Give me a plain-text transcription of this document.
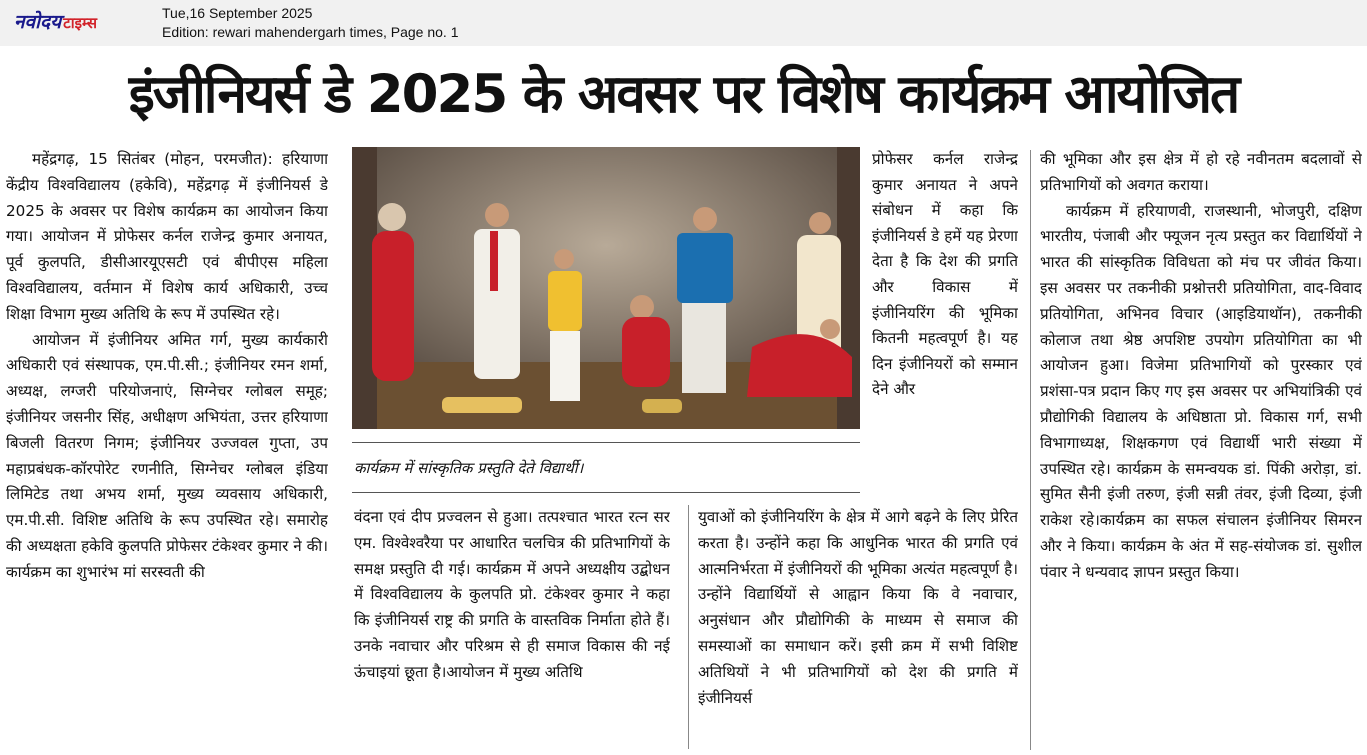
नवोदय टाइम्स
Tue,16 September 2025
Edition: rewari mahendergarh times, Page no. 1
इंजीनियर्स डे 2025 के अवसर पर विशेष कार्यक्रम आयोजित

महेंद्रगढ़, 15 सितंबर (मोहन, परमजीत): हरियाणा केंद्रीय विश्वविद्यालय (हकेवि), महेंद्रगढ़ में इंजीनियर्स डे 2025 के अवसर पर विशेष कार्यक्रम का आयोजन किया गया। आयोजन में प्रोफेसर कर्नल राजेन्द्र कुमार अनायत, पूर्व कुलपति, डीसीआरयूएसटी एवं बीपीएस महिला विश्वविद्यालय, वर्तमान में विशेष कार्य अधिकारी, उच्च शिक्षा विभाग मुख्य अतिथि के रूप में उपस्थित रहे।

आयोजन में इंजीनियर अमित गर्ग, मुख्य कार्यकारी अधिकारी एवं संस्थापक, एम.पी.सी.; इंजीनियर रमन शर्मा, अध्यक्ष, लग्जरी परियोजनाएं, सिग्नेचर ग्लोबल समूह; इंजीनियर जसनीर सिंह, अधीक्षण अभियंता, उत्तर हरियाणा बिजली वितरण निगम; इंजीनियर उज्जवल गुप्ता, उप महाप्रबंधक-कॉरपोरेट रणनीति, सिग्नेचर ग्लोबल इंडिया लिमिटेड तथा अभय शर्मा, मुख्य व्यवसाय अधिकारी, एम.पी.सी. विशिष्ट अतिथि के रूप उपस्थित रहे। समारोह की अध्यक्षता हकेवि कुलपति प्रोफेसर टंकेश्वर कुमार ने की। कार्यक्रम का शुभारंभ मां सरस्वती की

कार्यक्रम में सांस्कृतिक प्रस्तुति देते विद्यार्थी।

प्रोफेसर कर्नल राजेन्द्र कुमार अनायत ने अपने संबोधन में कहा कि इंजीनियर्स डे हमें यह प्रेरणा देता है कि देश की प्रगति और विकास में इंजीनियरिंग की भूमिका कितनी महत्वपूर्ण है। यह दिन इंजीनियरों को सम्मान देने और

वंदना एवं दीप प्रज्वलन से हुआ। तत्पश्चात भारत रत्न सर एम. विश्वेश्वरैया पर आधारित चलचित्र की प्रतिभागियों के समक्ष प्रस्तुति दी गई। कार्यक्रम में अपने अध्यक्षीय उद्बोधन में विश्वविद्यालय के कुलपति प्रो. टंकेश्वर कुमार ने कहा कि इंजीनियर्स राष्ट्र की प्रगति के वास्तविक निर्माता होते हैं। उनके नवाचार और परिश्रम से ही समाज विकास की नई ऊंचाइयां छूता है।आयोजन में मुख्य अतिथि

युवाओं को इंजीनियरिंग के क्षेत्र में आगे बढ़ने के लिए प्रेरित करता है। उन्होंने कहा कि आधुनिक भारत की प्रगति एवं आत्मनिर्भरता में इंजीनियरों की भूमिका अत्यंत महत्वपूर्ण है। उन्होंने विद्यार्थियों से आह्वान किया कि वे नवाचार, अनुसंधान और प्रौद्योगिकी के माध्यम से समाज की समस्याओं का समाधान करें। इसी क्रम में सभी विशिष्ट अतिथियों ने भी प्रतिभागियों को देश की प्रगति में इंजीनियर्स

की भूमिका और इस क्षेत्र में हो रहे नवीनतम बदलावों से प्रतिभागियों को अवगत कराया।

कार्यक्रम में हरियाणवी, राजस्थानी, भोजपुरी, दक्षिण भारतीय, पंजाबी और फ्यूजन नृत्य प्रस्तुत कर विद्यार्थियों ने भारत की सांस्कृतिक विविधता को मंच पर जीवंत किया। इस अवसर पर तकनीकी प्रश्नोत्तरी प्रतियोगिता, वाद-विवाद प्रतियोगिता, अभिनव विचार (आइडियाथॉन), तकनीकी कोलाज तथा श्रेष्ठ अपशिष्ट उपयोग प्रतियोगिता का भी आयोजन हुआ। विजेमा प्रतिभागियों को पुरस्कार एवं प्रशंसा-पत्र प्रदान किए गए इस अवसर पर अभियांत्रिकी एवं प्रौद्योगिकी विद्यालय के अधिष्ठाता प्रो. विकास गर्ग, सभी विभागाध्यक्ष, शिक्षकगण एवं विद्यार्थी भारी संख्या में उपस्थित रहे। कार्यक्रम के समन्वयक डां. पिंकी अरोड़ा, डां. सुमित सैनी इंजी तरुण, इंजी सन्नी तंवर, इंजी दिव्या, इंजी राकेश रहे।कार्यक्रम का सफल संचालन इंजीनियर सिमरन और ने किया। कार्यक्रम के अंत में सह-संयोजक डां. सुशील पंवार ने धन्यवाद ज्ञापन प्रस्तुत किया।
